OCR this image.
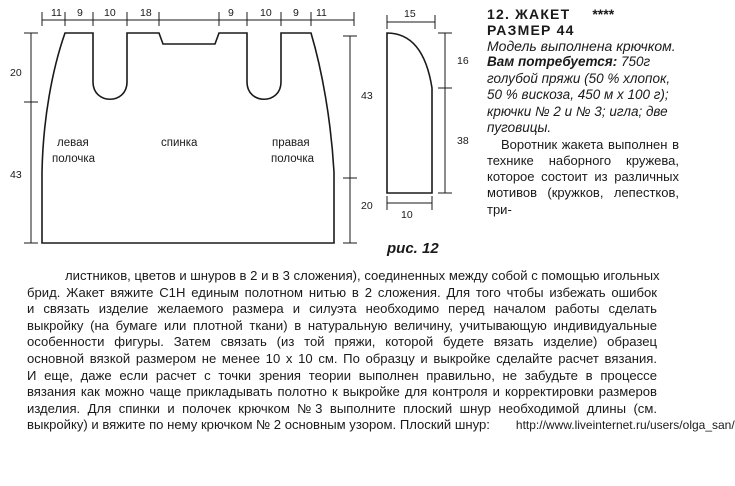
11 9 10 18	9 10 9 11
20
43
43
20
левая
полочка
спинка	правая
полочка
15
16
38
10
рис. 12
12. ЖАКЕТ ****
РАЗМЕР 44
Модель выполнена крючком.
Вам потребуется: 750г голубой пряжи (50 % хлопок, 50 % вискоза, 450 м х 100 г); крючки № 2 и № 3; игла; две пуговицы.
Воротник жакета выполнен в технике наборного кружева, которое состоит из различных мотивов (кружков, лепестков, три-
листников, цветов и шнуров в 2 и в 3 сложения), соединенных между собой с помощью игольных
брид. Жакет вяжите С1Н единым полотном нитью в 2 сложения. Для того чтобы избежать ошибок
и связать изделие желаемого размера и силуэта необходимо перед началом работы сделать
выкройку (на бумаге или плотной ткани) в натуральную величину, учитывающую индивидуальные
особенности фигуры. Затем связать (из той пряжи, которой будете вязать изделие) образец
основной вязкой размером не менее 10 х 10 см. По образцу и выкройке сделайте расчет вязания.
И еще, даже если расчет с точки зрения теории выполнен правильно, не забудьте в процессе
вязания как можно чаще прикладывать полотно к выкройке для контроля и корректировки размеров
изделия. Для спинки и полочек крючком №3 выполните плоский шнур необходимой длины (см.
выкройку) и вяжите по нему крючком № 2 основным узором. Плоский шнур: http://www.liveinternet.ru/users/olga_san/
